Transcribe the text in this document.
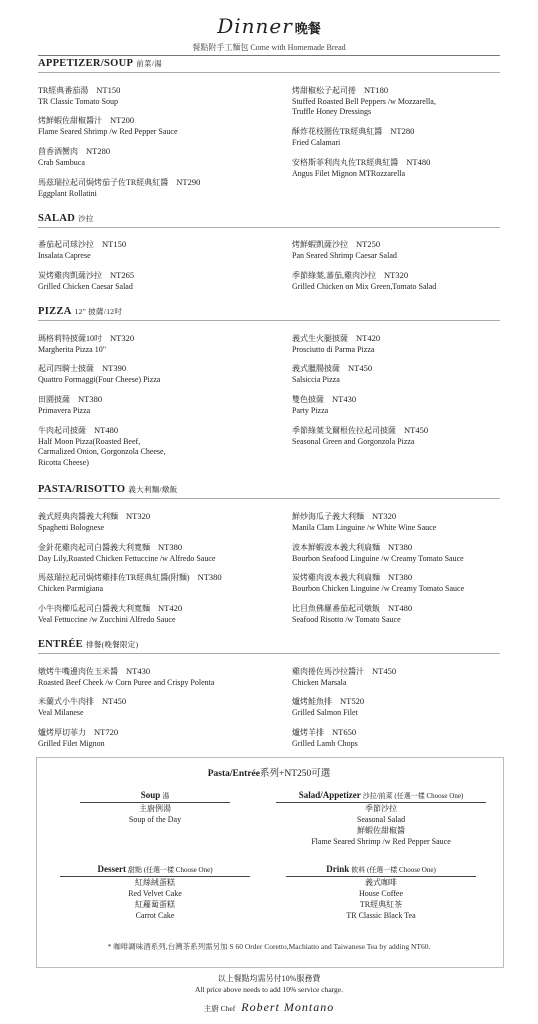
Dinner 晚餐
餐點附手工麵包 Come with Homemade Bread
APPETIZER/SOUP 前菜/湯
TR經典番茄湯 NT150
TR Classic Tomato Soup
烤鮮蝦佐甜椒醬汁 NT200
Flame Seared Shrimp /w Red Pepper Sauce
茴香酒蟹肉 NT280
Crab Sambuca
馬茲瑞拉起司焗烤茄子佐TR經典紅醬 NT290
Eggplant Rollatini
烤甜椒松子起司捲 NT180
Stuffed Roasted Bell Peppers /w Mozzarella,
Truffle Honey Dressings
酥炸花枝圈佐TR經典紅醬 NT280
Fried Calamari
安格斯菲利肉丸佐TR經典紅醬 NT480
Angus Filet Mignon MTRozzarella
SALAD 沙拉
番茄起司球沙拉 NT150
Insalata Caprese
炭烤雞肉凱薩沙拉 NT265
Grilled Chicken Caesar Salad
烤鮮蝦凱薩沙拉 NT250
Pan Seared Shrimp Caesar Salad
季節綠葉,蕃茄,雞肉沙拉 NT320
Grilled Chicken on Mix Green,Tomato Salad
PIZZA 12" 披薩/12吋
瑪格莉特披薩10吋 NT320
Margherita Pizza 10"
起司四騎士披薩 NT390
Quattro Formaggi(Four Cheese) Pizza
田園披薩 NT380
Primavera Pizza
牛肉起司披薩 NT480
Half Moon Pizza(Roasted Beef,
Carmalized Onion, Gorgonzola Cheese,
Ricotta Cheese)
義式生火腿披薩 NT420
Prosciutto di Parma Pizza
義式臘腸披薩 NT450
Salsiccia Pizza
雙色披薩 NT430
Party Pizza
季節綠葉戈爾根佐拉起司披薩 NT450
Seasonal Green and Gorgonzola Pizza
PASTA/RISOTTO 義大利麵/燉飯
義式經典肉醬義大利麵 NT320
Spaghetti Bolognese
金針花雞肉起司白醬義大利寬麵 NT380
Day Lily,Roasted Chicken Fettuccine /w Alfredo Sauce
馬茲瑞拉起司焗烤雞排佐TR經典紅醬(附麵) NT380
Chicken Parmigiana
小牛肉櫛瓜起司白醬義大利寬麵 NT420
Veal Fettuccine /w Zucchini Alfredo Sauce
鮮炒海瓜子義大利麵 NT320
Manila Clam Linguine /w White Wine Sauce
波本鮮蝦波本義大利扁麵 NT380
Bourbon Seafood Linguine /w Creamy Tomato Sauce
炭烤雞肉波本義大利扁麵 NT380
Bourbon Chicken Linguine /w Creamy Tomato Sauce
比目魚佛羅番茄起司燉飯 NT480
Seafood Risotto /w Tomato Sauce
ENTRÉE 排餐(晚餐限定)
燉烤牛嘴邊肉佐玉米醬 NT430
Roasted Beef Cheek /w Corn Puree and Crispy Polenta
米蘭式小牛肉排 NT450
Veal Milanese
爐烤厚切菲力 NT720
Grilled Filet Mignon
雞肉捲佐馬沙拉醬汁 NT450
Chicken Marsala
爐烤鮭魚排 NT520
Grilled Salmon Filet
爐烤羊排 NT650
Grilled Lamb Chops
Pasta/Entrée系列+NT250可選
Soup 湯
主廚例湯
Soup of the Day
Salad/Appetizer 沙拉/前菜 (任選一樣 Choose One)
季節沙拉
Seasonal Salad
鮮蝦佐甜椒醬
Flame Seared Shrimp /w Red Pepper Sauce
Dessert 甜點 (任選一樣 Choose One)
紅絲絨蛋糕
Red Velvet Cake
紅蘿蔔蛋糕
Carrot Cake
Drink 飲料 (任選一樣 Choose One)
義式咖啡
House Coffee
TR經典紅茶
TR Classic Black Tea
* 咖啡調味酒系列,台灣茶系列需另加 S 60 Order Coretto,Machiatto and Taiwanese Tea by adding NT60.
以上餐點均需另付10%服務費
All price above needs to add 10% service charge.
主廚 Chef Robert Montano
